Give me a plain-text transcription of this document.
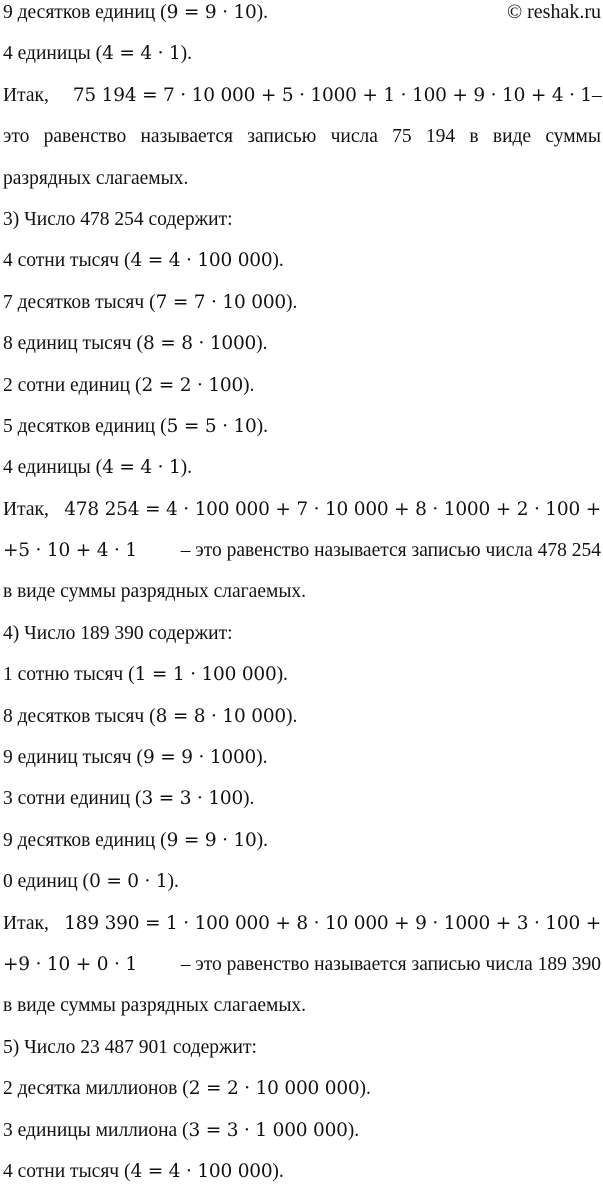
9 десятков единиц (9 = 9 · 10).	© reshak.ru
4 единицы (4 = 4 · 1).
Итак, 75 194 = 7 · 10 000 + 5 · 1000 + 1 · 100 + 9 · 10 + 4 · 1 –
это равенство называется записью числа 75 194 в виде суммы
разрядных слагаемых.
3) Число 478 254 содержит:
4 сотни тысяч (4 = 4 · 100 000).
7 десятков тысяч (7 = 7 · 10 000).
8 единиц тысяч (8 = 8 · 1000).
2 сотни единиц (2 = 2 · 100).
5 десятков единиц (5 = 5 · 10).
4 единицы (4 = 4 · 1).
Итак, 478 254 = 4 · 100 000 + 7 · 10 000 + 8 · 1000 + 2 · 100 +
+5 · 10 + 4 · 1 – это равенство называется записью числа 478 254
в виде суммы разрядных слагаемых.
4) Число 189 390 содержит:
1 сотню тысяч (1 = 1 · 100 000).
8 десятков тысяч (8 = 8 · 10 000).
9 единиц тысяч (9 = 9 · 1000).
3 сотни единиц (3 = 3 · 100).
9 десятков единиц (9 = 9 · 10).
0 единиц (0 = 0 · 1).
Итак, 189 390 = 1 · 100 000 + 8 · 10 000 + 9 · 1000 + 3 · 100 +
+9 · 10 + 0 · 1 – это равенство называется записью числа 189 390
в виде суммы разрядных слагаемых.
5) Число 23 487 901 содержит:
2 десятка миллионов (2 = 2 · 10 000 000).
3 единицы миллиона (3 = 3 · 1 000 000).
4 сотни тысяч (4 = 4 · 100 000).
